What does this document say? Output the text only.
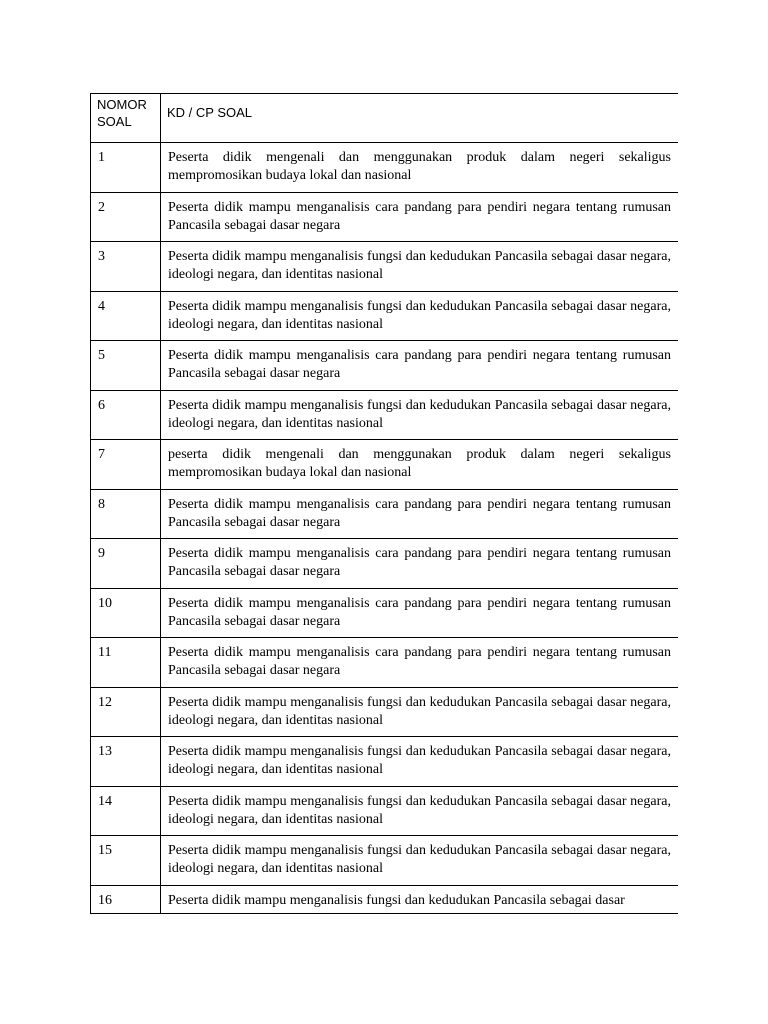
NOMOR SOAL	KD / CP SOAL
1	Peserta didik mengenali dan menggunakan produk dalam negeri sekaligus mempromosikan budaya lokal dan nasional
2	Peserta didik mampu menganalisis cara pandang para pendiri negara tentang rumusan Pancasila sebagai dasar negara
3	Peserta didik mampu menganalisis fungsi dan kedudukan Pancasila sebagai dasar negara, ideologi negara, dan identitas nasional
4	Peserta didik mampu menganalisis fungsi dan kedudukan Pancasila sebagai dasar negara, ideologi negara, dan identitas nasional
5	Peserta didik mampu menganalisis cara pandang para pendiri negara tentang rumusan Pancasila sebagai dasar negara
6	Peserta didik mampu menganalisis fungsi dan kedudukan Pancasila sebagai dasar negara, ideologi negara, dan identitas nasional
7	peserta didik mengenali dan menggunakan produk dalam negeri sekaligus mempromosikan budaya lokal dan nasional
8	Peserta didik mampu menganalisis cara pandang para pendiri negara tentang rumusan Pancasila sebagai dasar negara
9	Peserta didik mampu menganalisis cara pandang para pendiri negara tentang rumusan Pancasila sebagai dasar negara
10	Peserta didik mampu menganalisis cara pandang para pendiri negara tentang rumusan Pancasila sebagai dasar negara
11	Peserta didik mampu menganalisis cara pandang para pendiri negara tentang rumusan Pancasila sebagai dasar negara
12	Peserta didik mampu menganalisis fungsi dan kedudukan Pancasila sebagai dasar negara, ideologi negara, dan identitas nasional
13	Peserta didik mampu menganalisis fungsi dan kedudukan Pancasila sebagai dasar negara, ideologi negara, dan identitas nasional
14	Peserta didik mampu menganalisis fungsi dan kedudukan Pancasila sebagai dasar negara, ideologi negara, dan identitas nasional
15	Peserta didik mampu menganalisis fungsi dan kedudukan Pancasila sebagai dasar negara, ideologi negara, dan identitas nasional
16	Peserta didik mampu menganalisis fungsi dan kedudukan Pancasila sebagai dasar
